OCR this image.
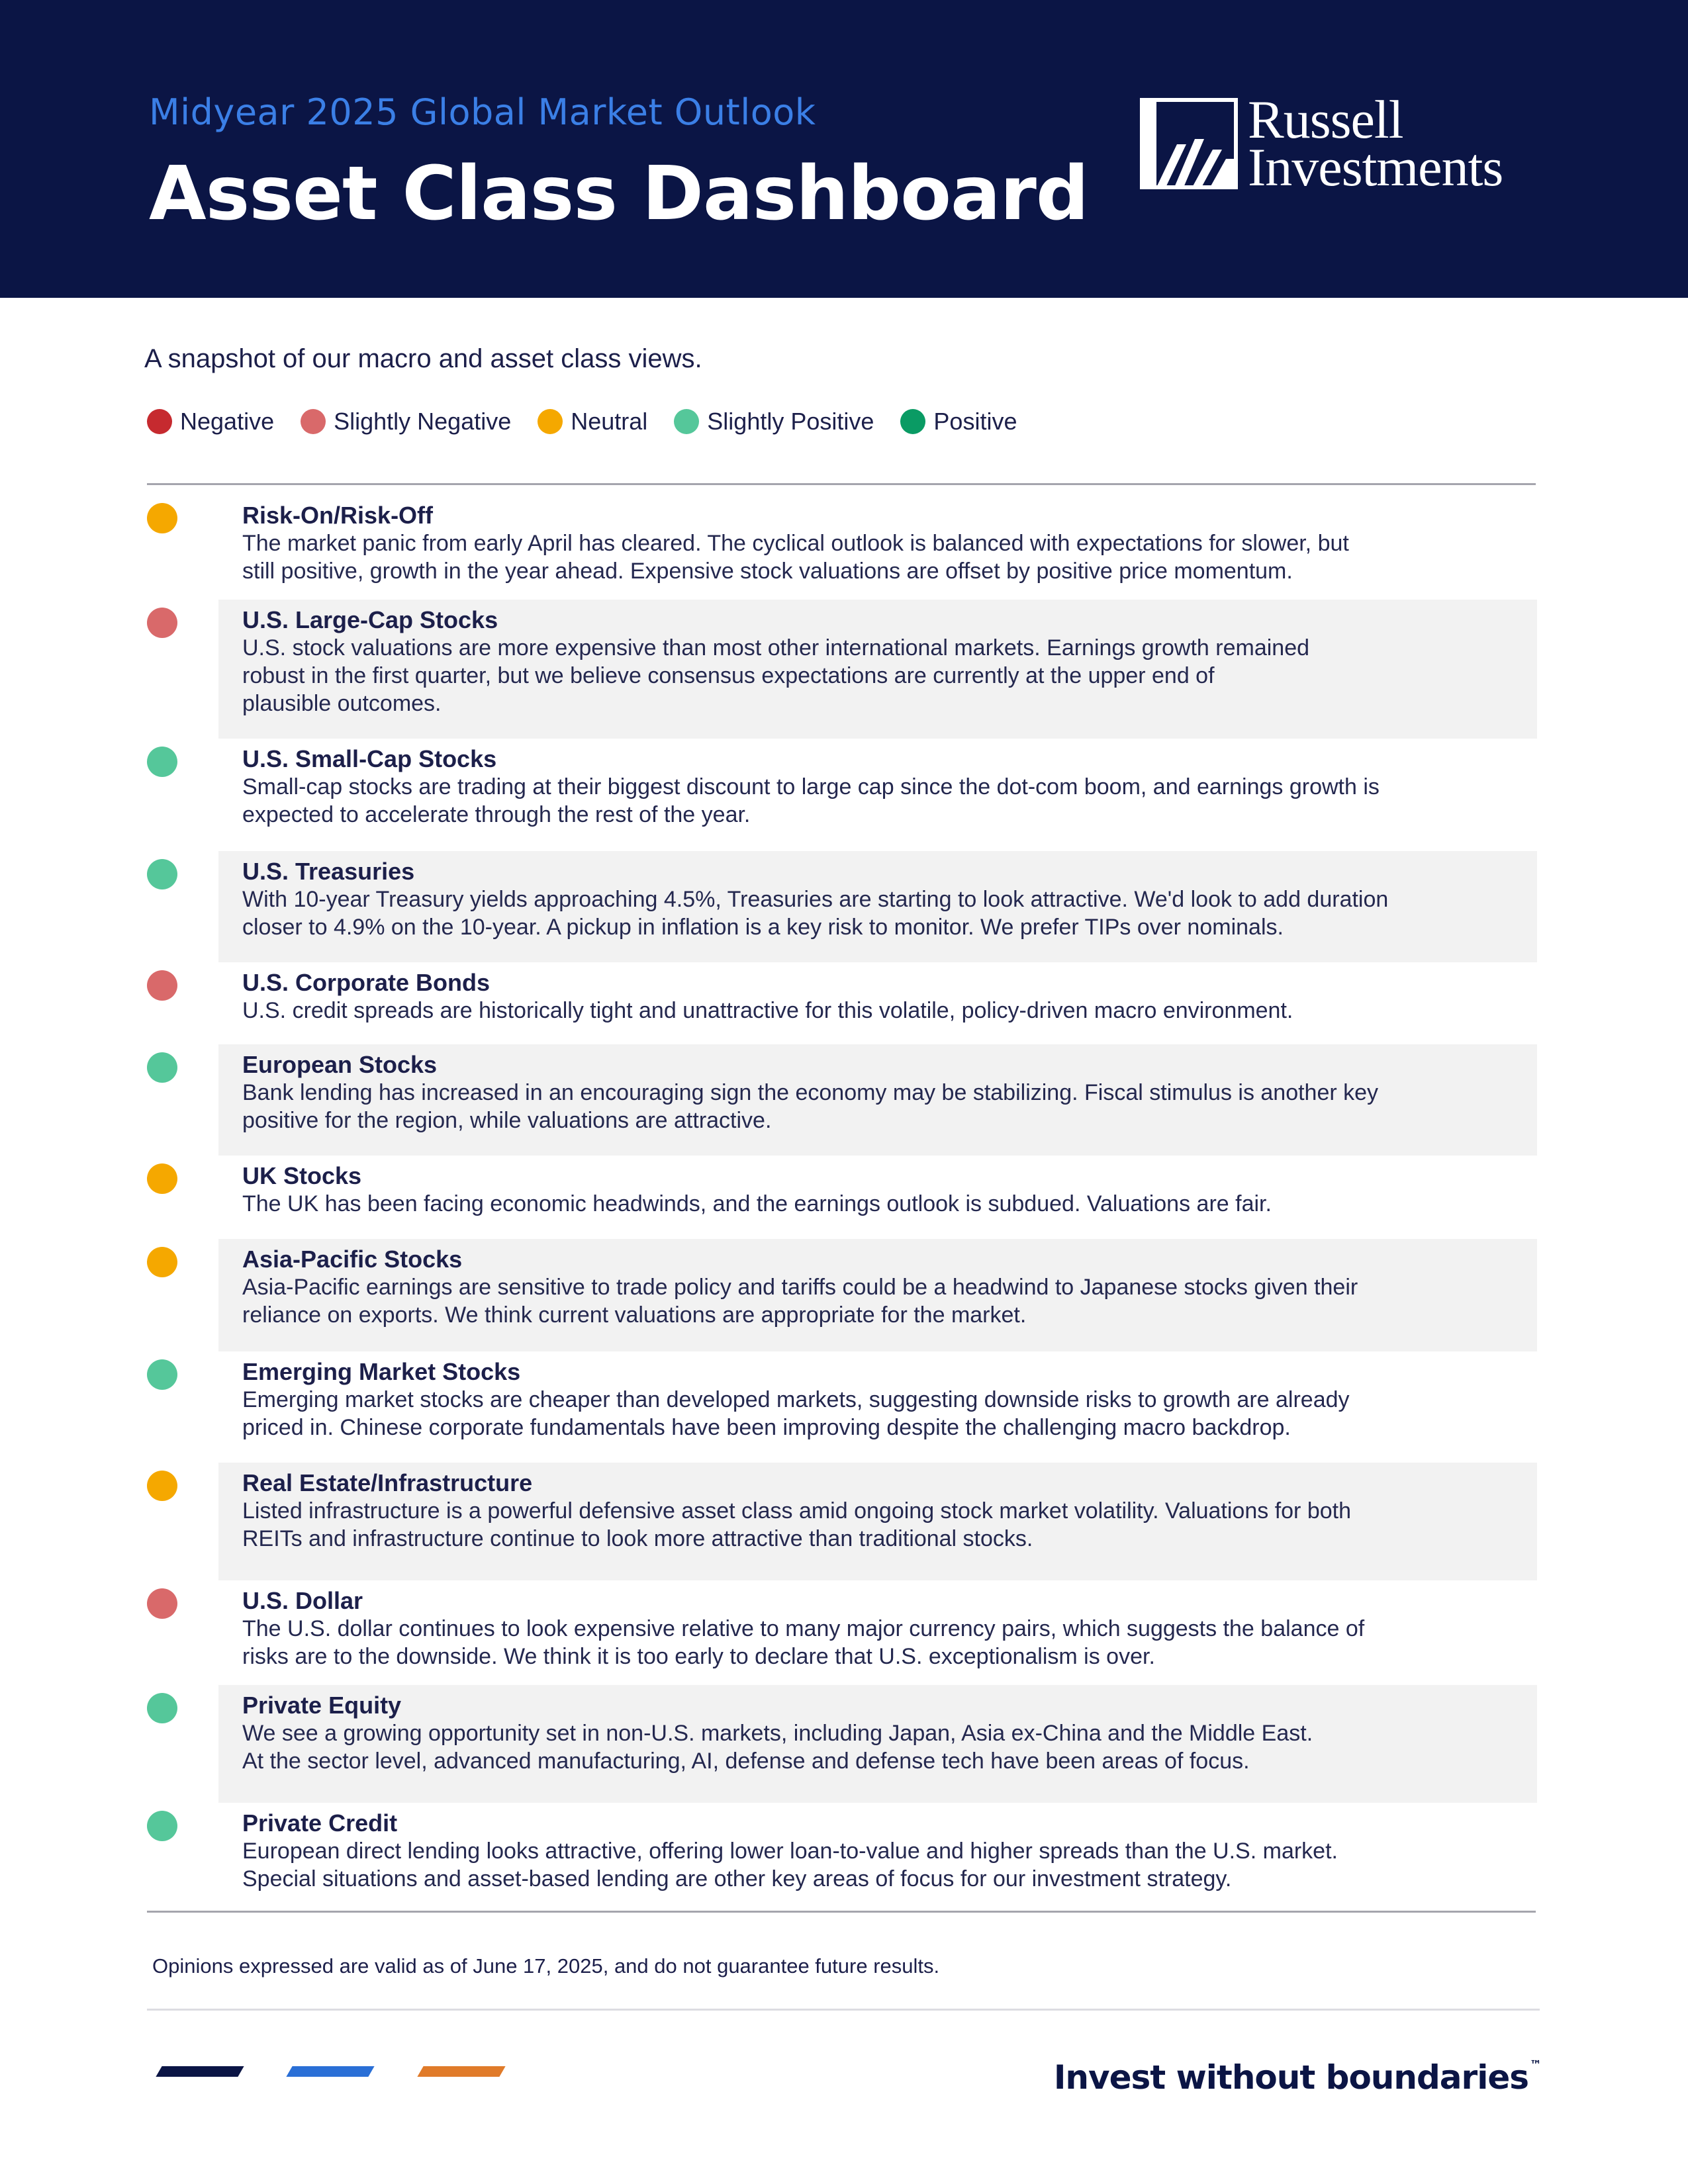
Midyear 2025 Global Market Outlook
Asset Class Dashboard
Russell
Investments
A snapshot of our macro and asset class views.
Negative	Slightly Negative	Neutral	Slightly Positive	Positive
Risk-On/Risk-Off
The market panic from early April has cleared. The cyclical outlook is balanced with expectations for slower, but
still positive, growth in the year ahead. Expensive stock valuations are offset by positive price momentum.
U.S. Large-Cap Stocks
U.S. stock valuations are more expensive than most other international markets. Earnings growth remained
robust in the first quarter, but we believe consensus expectations are currently at the upper end of
plausible outcomes.
U.S. Small-Cap Stocks
Small-cap stocks are trading at their biggest discount to large cap since the dot-com boom, and earnings growth is
expected to accelerate through the rest of the year.
U.S. Treasuries
With 10-year Treasury yields approaching 4.5%, Treasuries are starting to look attractive. We'd look to add duration
closer to 4.9% on the 10-year. A pickup in inflation is a key risk to monitor. We prefer TIPs over nominals.
U.S. Corporate Bonds
U.S. credit spreads are historically tight and unattractive for this volatile, policy-driven macro environment.
European Stocks
Bank lending has increased in an encouraging sign the economy may be stabilizing. Fiscal stimulus is another key
positive for the region, while valuations are attractive.
UK Stocks
The UK has been facing economic headwinds, and the earnings outlook is subdued. Valuations are fair.
Asia-Pacific Stocks
Asia-Pacific earnings are sensitive to trade policy and tariffs could be a headwind to Japanese stocks given their
reliance on exports. We think current valuations are appropriate for the market.
Emerging Market Stocks
Emerging market stocks are cheaper than developed markets, suggesting downside risks to growth are already
priced in. Chinese corporate fundamentals have been improving despite the challenging macro backdrop.
Real Estate/Infrastructure
Listed infrastructure is a powerful defensive asset class amid ongoing stock market volatility. Valuations for both
REITs and infrastructure continue to look more attractive than traditional stocks.
U.S. Dollar
The U.S. dollar continues to look expensive relative to many major currency pairs, which suggests the balance of
risks are to the downside. We think it is too early to declare that U.S. exceptionalism is over.
Private Equity
We see a growing opportunity set in non-U.S. markets, including Japan, Asia ex-China and the Middle East.
At the sector level, advanced manufacturing, AI, defense and defense tech have been areas of focus.
Private Credit
European direct lending looks attractive, offering lower loan-to-value and higher spreads than the U.S. market.
Special situations and asset-based lending are other key areas of focus for our investment strategy.
Opinions expressed are valid as of June 17, 2025, and do not guarantee future results.
Invest without boundaries ™
